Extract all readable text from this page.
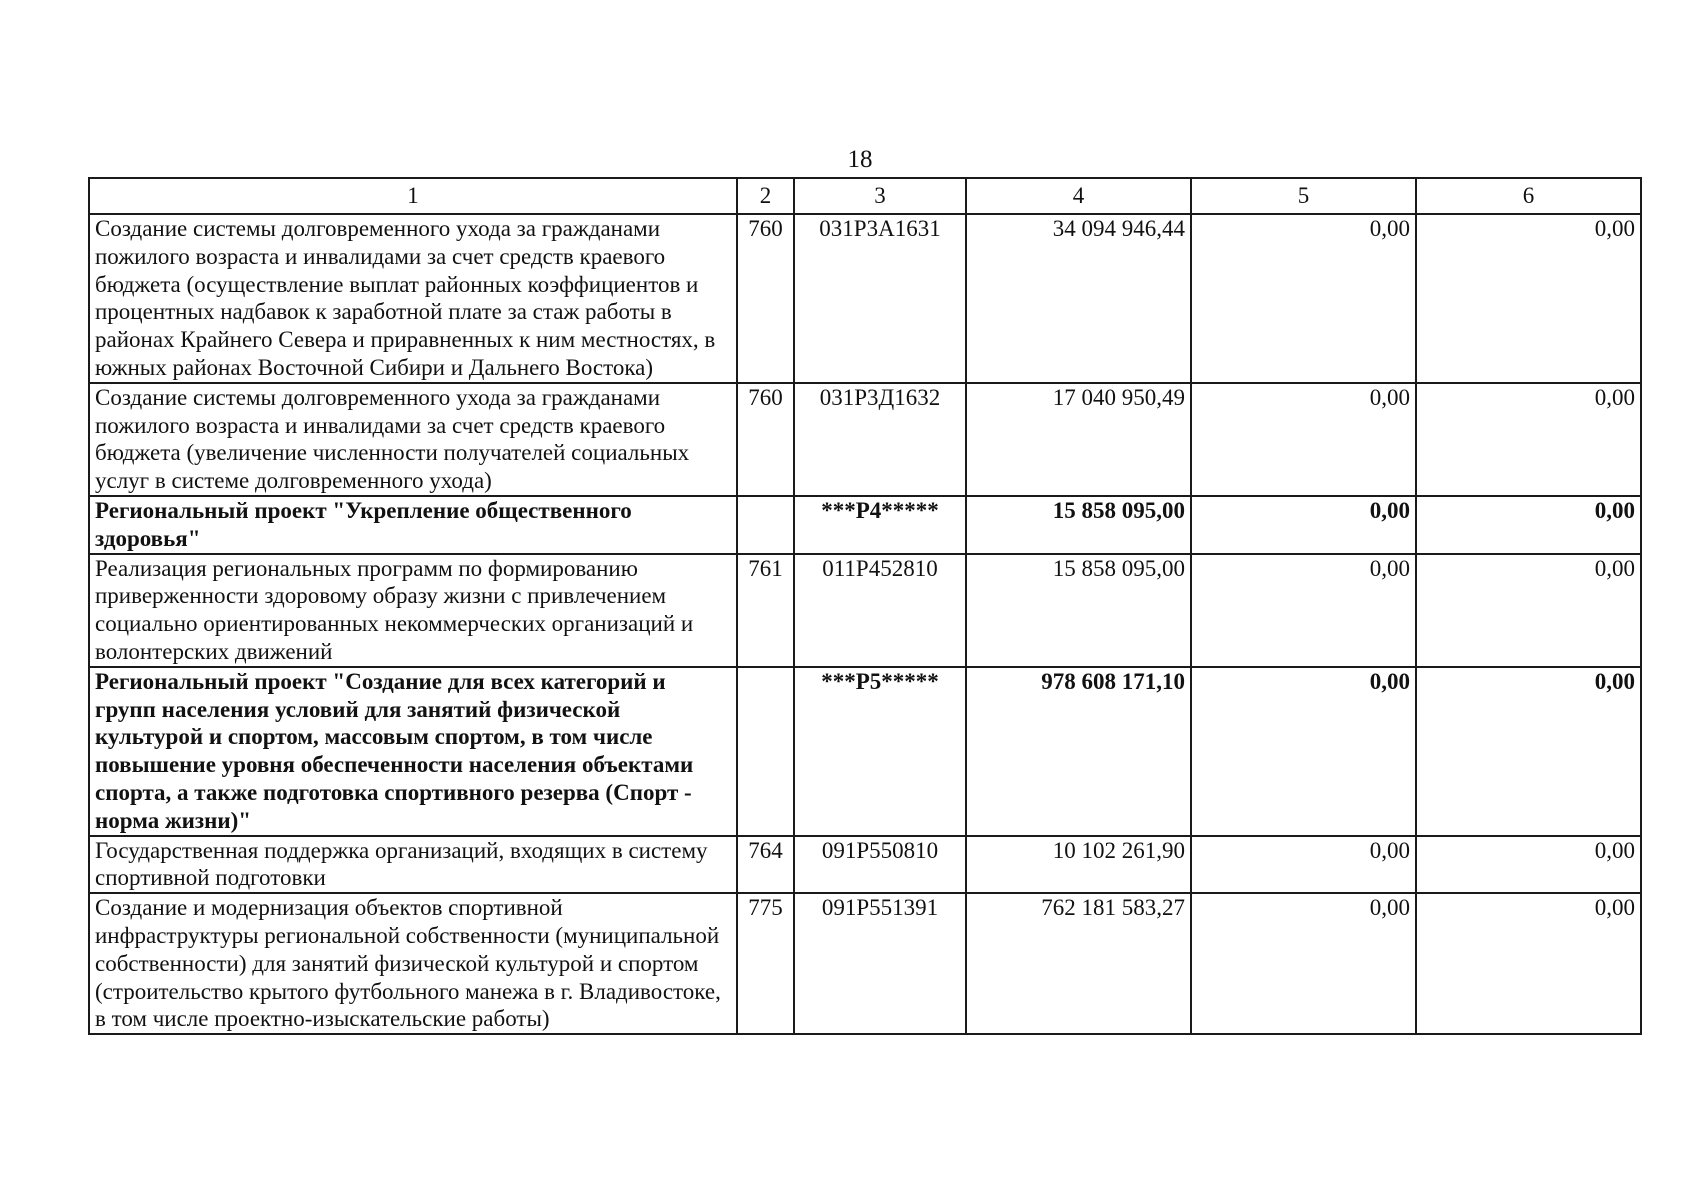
18
1	2	3	4	5	6
Создание системы долговременного ухода за гражданами пожилого возраста и инвалидами за счет средств краевого бюджета (осуществление выплат районных коэффициентов и процентных надбавок к заработной плате за стаж работы в районах Крайнего Севера и приравненных к ним местностях, в южных районах Восточной Сибири и Дальнего Востока)	760	031Р3А1631	34 094 946,44	0,00	0,00
Создание системы долговременного ухода за гражданами пожилого возраста и инвалидами за счет средств краевого бюджета (увеличение численности получателей социальных услуг в системе долговременного ухода)	760	031Р3Д1632	17 040 950,49	0,00	0,00
Региональный проект "Укрепление общественного здоровья"		***Р4*****	15 858 095,00	0,00	0,00
Реализация региональных программ по формированию приверженности здоровому образу жизни с привлечением социально ориентированных некоммерческих организаций и волонтерских движений	761	011Р452810	15 858 095,00	0,00	0,00
Региональный проект "Создание для всех категорий и групп населения условий для занятий физической культурой и спортом, массовым спортом, в том числе повышение уровня обеспеченности населения объектами спорта, а также подготовка спортивного резерва (Спорт - норма жизни)"		***Р5*****	978 608 171,10	0,00	0,00
Государственная поддержка организаций, входящих в систему спортивной подготовки	764	091Р550810	10 102 261,90	0,00	0,00
Создание и модернизация объектов спортивной инфраструктуры региональной собственности (муниципальной собственности) для занятий физической культурой и спортом (строительство крытого футбольного манежа в г. Владивостоке, в том числе проектно-изыскательские работы)	775	091Р551391	762 181 583,27	0,00	0,00
